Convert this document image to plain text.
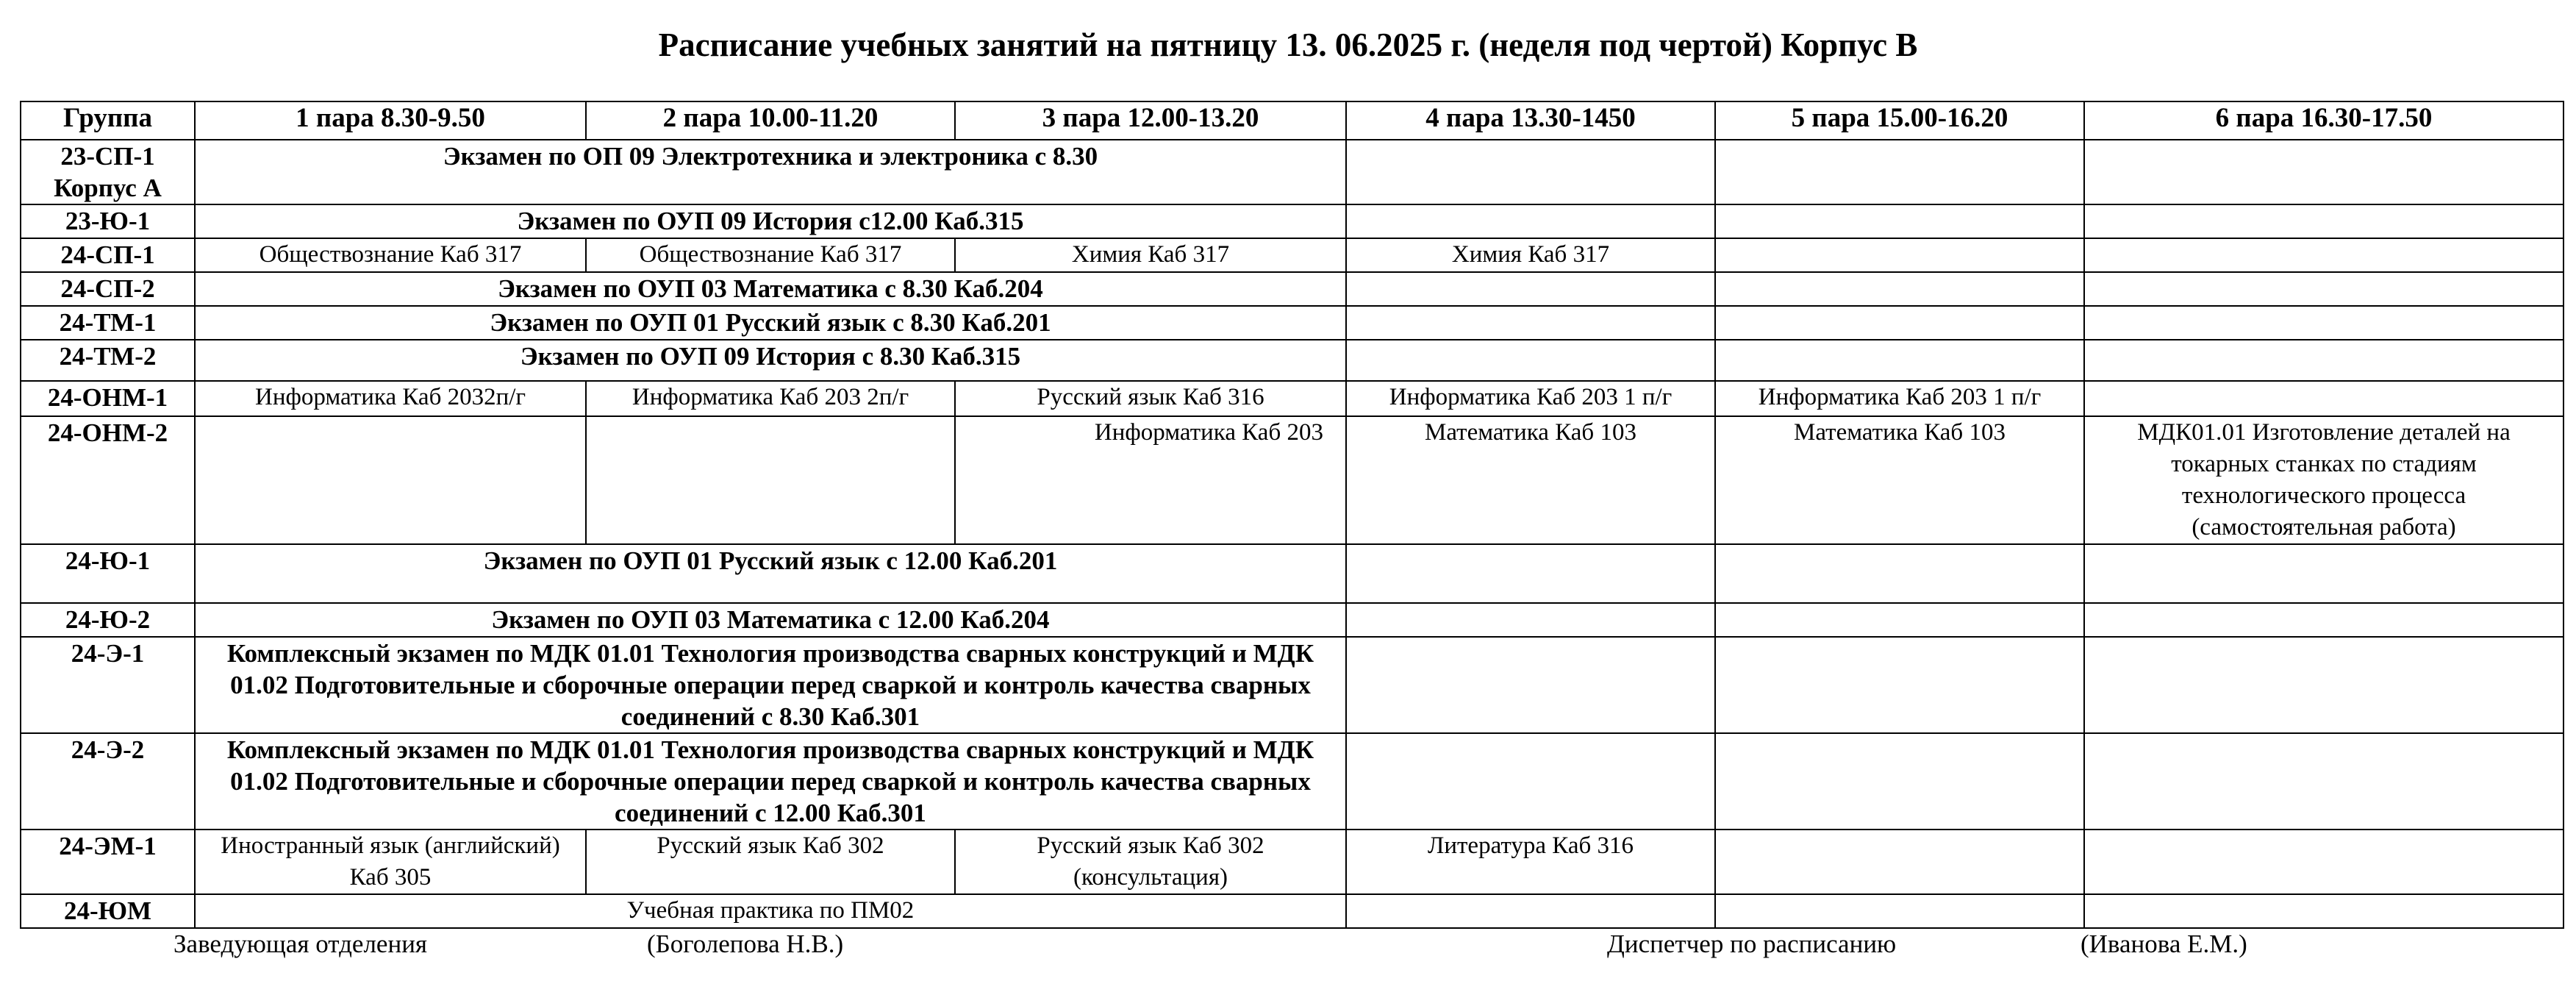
Расписание учебных занятий на пятницу 13. 06.2025 г. (неделя под чертой) Корпус В
Группа	1 пара 8.30-9.50	2 пара 10.00-11.20	3 пара 12.00-13.20	4 пара 13.30-1450	5 пара 15.00-16.20	6 пара 16.30-17.50
23-СП-1 Корпус А	Экзамен по ОП 09 Электротехника и электроника с 8.30					
23-Ю-1	Экзамен по ОУП 09 История с12.00 Каб.315					
24-СП-1	Обществознание Каб 317	Обществознание Каб 317	Химия Каб 317	Химия Каб 317		
24-СП-2	Экзамен по ОУП 03 Математика с 8.30 Каб.204					
24-ТМ-1	Экзамен по ОУП 01 Русский язык с 8.30 Каб.201					
24-ТМ-2	Экзамен по ОУП 09 История с 8.30 Каб.315					
24-ОНМ-1	Информатика Каб 2032п/г	Информатика Каб 203 2п/г	Русский язык Каб 316	Информатика Каб 203 1 п/г	Информатика Каб 203 1 п/г	
24-ОНМ-2			Информатика Каб 203	Математика Каб 103	Математика Каб 103	МДК01.01 Изготовление деталей на токарных станках по стадиям технологического процесса (самостоятельная работа)
24-Ю-1	Экзамен по ОУП 01 Русский язык с 12.00 Каб.201					
24-Ю-2	Экзамен по ОУП 03 Математика с 12.00 Каб.204					
24-Э-1	Комплексный экзамен по МДК 01.01 Технология производства сварных конструкций и МДК 01.02 Подготовительные и сборочные операции перед сваркой и контроль качества сварных соединений с 8.30 Каб.301					
24-Э-2	Комплексный экзамен по МДК 01.01 Технология производства сварных конструкций и МДК 01.02 Подготовительные и сборочные операции перед сваркой и контроль качества сварных соединений с 12.00 Каб.301					
24-ЭМ-1	Иностранный язык (английский) Каб 305	Русский язык Каб 302	Русский язык Каб 302 (консультация)	Литература Каб 316		
24-ЮМ	Учебная практика по ПМ02					
Заведующая отделения	(Боголепова Н.В.)	Диспетчер по расписанию	(Иванова Е.М.)
